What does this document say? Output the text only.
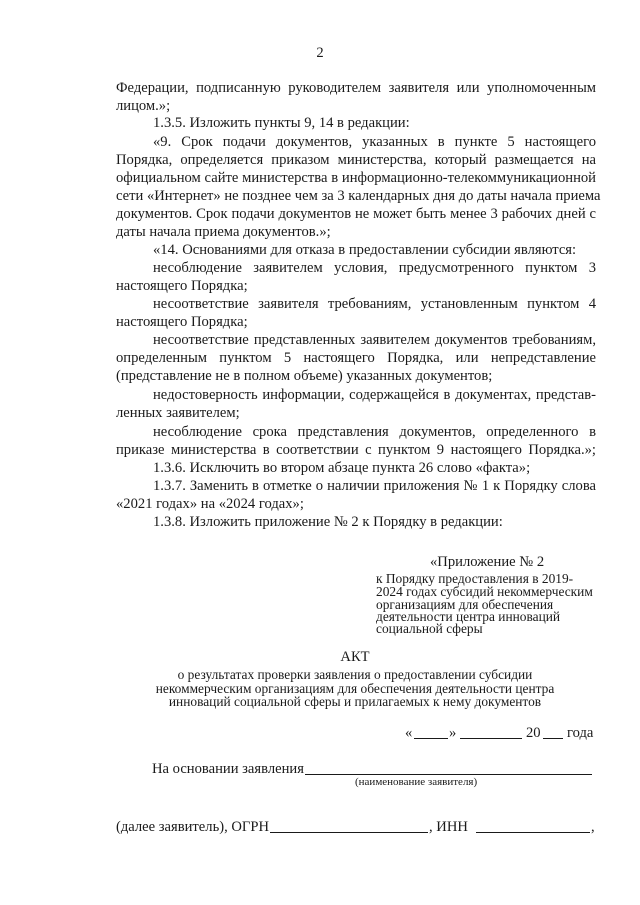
2
Федерации, подписанную руководителем заявителя или уполномоченным
лицом.»;
1.3.5. Изложить пункты 9, 14 в редакции:
«9. Срок подачи документов, указанных в пункте 5 настоящего
Порядка, определяется приказом министерства, который размещается на
официальном сайте министерства в информационно-телекоммуникационной
сети «Интернет» не позднее чем за 3 календарных дня до даты начала приема
документов. Срок подачи документов не может быть менее 3 рабочих дней с
даты начала приема документов.»;
«14. Основаниями для отказа в предоставлении субсидии являются:
несоблюдение заявителем условия, предусмотренного пунктом 3
настоящего Порядка;
несоответствие заявителя требованиям, установленным пунктом 4
настоящего Порядка;
несоответствие представленных заявителем документов требованиям,
определенным пунктом 5 настоящего Порядка, или непредставление
(представление не в полном объеме) указанных документов;
недостоверность информации, содержащейся в документах, представ-
ленных заявителем;
несоблюдение срока представления документов, определенного в
приказе министерства в соответствии с пунктом 9 настоящего Порядка.»;
1.3.6. Исключить во втором абзаце пункта 26 слово «факта»;
1.3.7. Заменить в отметке о наличии приложения № 1 к Порядку слова
«2021 годах» на «2024 годах»;
1.3.8. Изложить приложение № 2 к Порядку в редакции:
«Приложение № 2
к Порядку предоставления в 2019-
2024 годах субсидий некоммерческим
организациям для обеспечения
деятельности центра инноваций
социальной сферы
АКТ
о результатах проверки заявления о предоставлении субсидии
некоммерческим организациям для обеспечения деятельности центра
инноваций социальной сферы и прилагаемых к нему документов
«	»	20 года
На основании заявления
(наименование заявителя)
(далее заявитель), ОГРН	, ИНН	,
